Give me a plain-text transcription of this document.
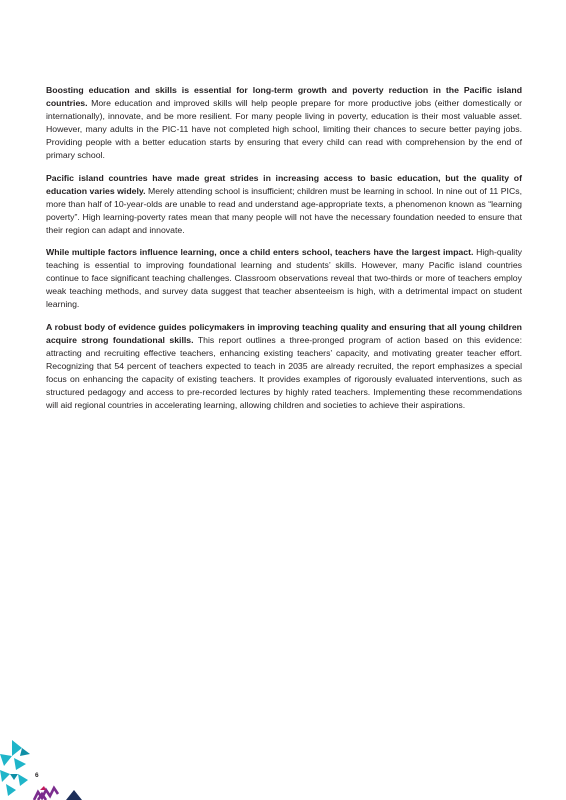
Boosting education and skills is essential for long-term growth and poverty reduction in the Pacific island countries. More education and improved skills will help people prepare for more productive jobs (either domestically or internationally), innovate, and be more resilient. For many people living in poverty, education is their most valuable asset. However, many adults in the PIC-11 have not completed high school, limiting their chances to secure better paying jobs. Providing people with a better education starts by ensuring that every child can read with comprehension by the end of primary school.

Pacific island countries have made great strides in increasing access to basic education, but the quality of education varies widely. Merely attending school is insufficient; children must be learning in school. In nine out of 11 PICs, more than half of 10-year-olds are unable to read and understand age-appropriate texts, a phenomenon known as “learning poverty”. High learning-poverty rates mean that many people will not have the necessary foundation needed to ensure that their region can adapt and innovate.

While multiple factors influence learning, once a child enters school, teachers have the largest impact. High-quality teaching is essential to improving foundational learning and students’ skills. However, many Pacific island countries continue to face significant teaching challenges. Classroom observations reveal that two-thirds or more of teachers employ weak teaching methods, and survey data suggest that teacher absenteeism is high, with a detrimental impact on student learning.

A robust body of evidence guides policymakers in improving teaching quality and ensuring that all young children acquire strong foundational skills. This report outlines a three-pronged program of action based on this evidence: attracting and recruiting effective teachers, enhancing existing teachers’ capacity, and motivating greater teacher effort. Recognizing that 54 percent of teachers expected to teach in 2035 are already recruited, the report emphasizes a special focus on enhancing the capacity of existing teachers. It provides examples of rigorously evaluated interventions, such as structured pedagogy and access to pre-recorded lectures by highly rated teachers. Implementing these recommendations will aid regional countries in accelerating learning, allowing children and societies to achieve their aspirations.

6
